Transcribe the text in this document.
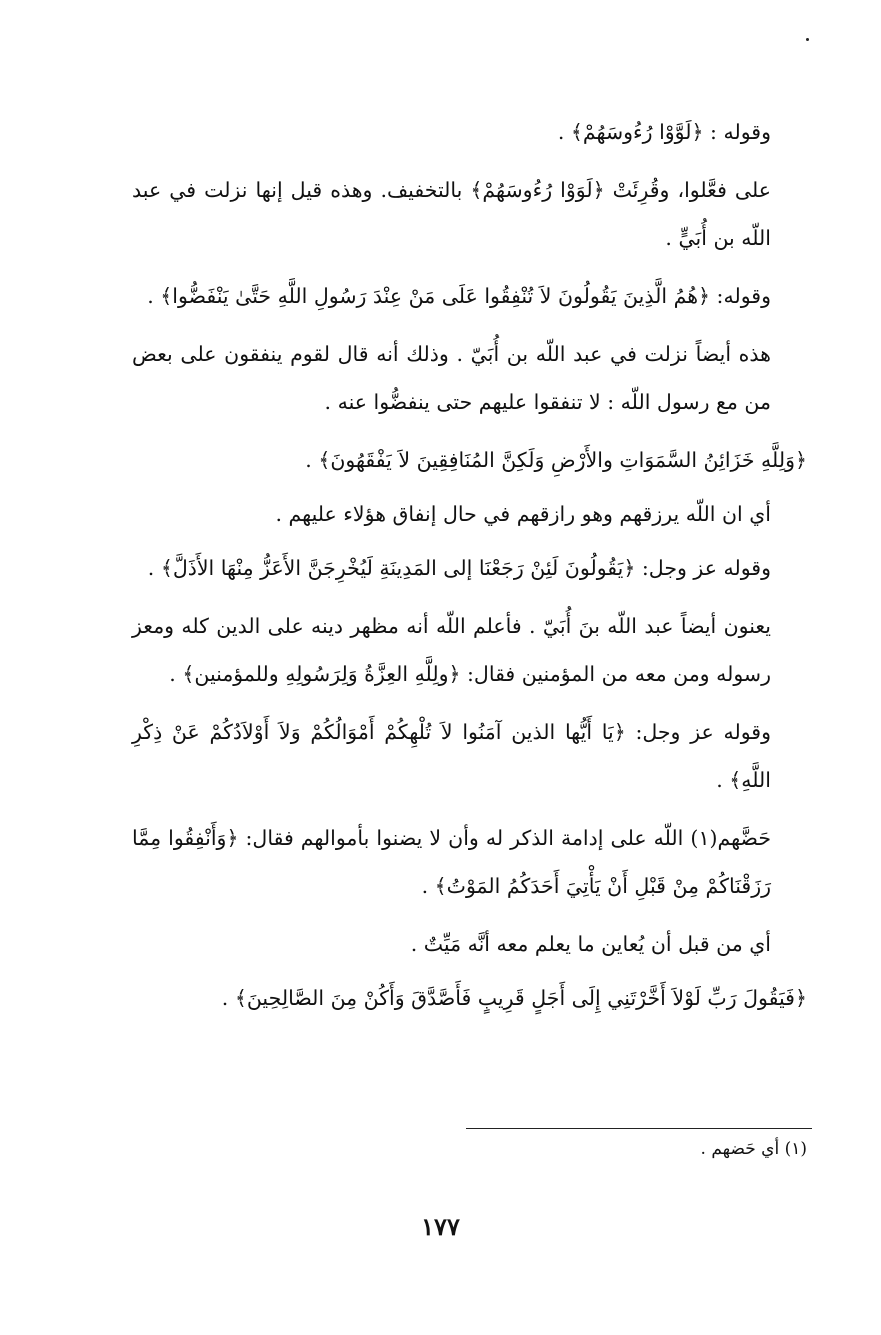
وقوله : ﴿لَوَّوْا رُءُوسَهُمْ﴾ .

على فعَّلوا، وقُرِئَتْ ﴿لَوَوْا رُءُوسَهُمْ﴾ بالتخفيف. وهذه قيل إنها نزلت في عبد اللّه بن أُبَيٍّ .

وقوله: ﴿هُمُ الَّذِينَ يَقُولُونَ لاَ تُنْفِقُوا عَلَى مَنْ عِنْدَ رَسُولِ اللَّهِ حَتَّىٰ يَنْفَضُّوا﴾ .

هذه أيضاً نزلت في عبد اللّه بن أُبَيّ . وذلك أنه قال لقوم ينفقون على بعض من مع رسول اللّه : لا تنفقوا عليهم حتى ينفضُّوا عنه .

﴿وَلِلَّهِ خَزَائِنُ السَّمَوَاتِ والأَرْضِ وَلَكِنَّ المُنَافِقِينَ لاَ يَفْقَهُونَ﴾ .

أي ان اللّه يرزقهم وهو رازقهم في حال إنفاق هؤلاء عليهم .

وقوله عز وجل: ﴿يَقُولُونَ لَئِنْ رَجَعْنَا إلى المَدِينَةِ لَيُخْرِجَنَّ الأَعَزُّ مِنْهَا الأَذَلَّ﴾ .

يعنون أيضاً عبد اللّه بنَ أُبَيّ . فأعلم اللّه أنه مظهر دينه على الدين كله ومعز رسوله ومن معه من المؤمنين فقال: ﴿ولِلَّهِ العِزَّةُ وَلِرَسُولِهِ وللمؤمنين﴾ .

وقوله عز وجل: ﴿يَا أَيُّها الذين آمَنُوا لاَ تُلْهِكُمْ أَمْوَالُكُمْ وَلاَ أَوْلاَدُكُمْ عَنْ ذِكْرِ اللَّهِ﴾ .

حَضَّهم(١) اللّه على إدامة الذكر له وأن لا يضنوا بأموالهم فقال: ﴿وَأَنْفِقُوا مِمَّا رَزَقْنَاكُمْ مِنْ قَبْلِ أَنْ يَأْتِيَ أَحَدَكُمُ المَوْتُ﴾ .

أي من قبل أن يُعاين ما يعلم معه أنَّه مَيِّتٌ .

﴿فَيَقُولَ رَبِّ لَوْلاَ أَخَّرْتَنِي إِلَى أَجَلٍ قَرِيبٍ فَأَصَّدَّقَ وَأَكُنْ مِنَ الصَّالِحِينَ﴾ .

(١) أي حَضهم .
١٧٧
